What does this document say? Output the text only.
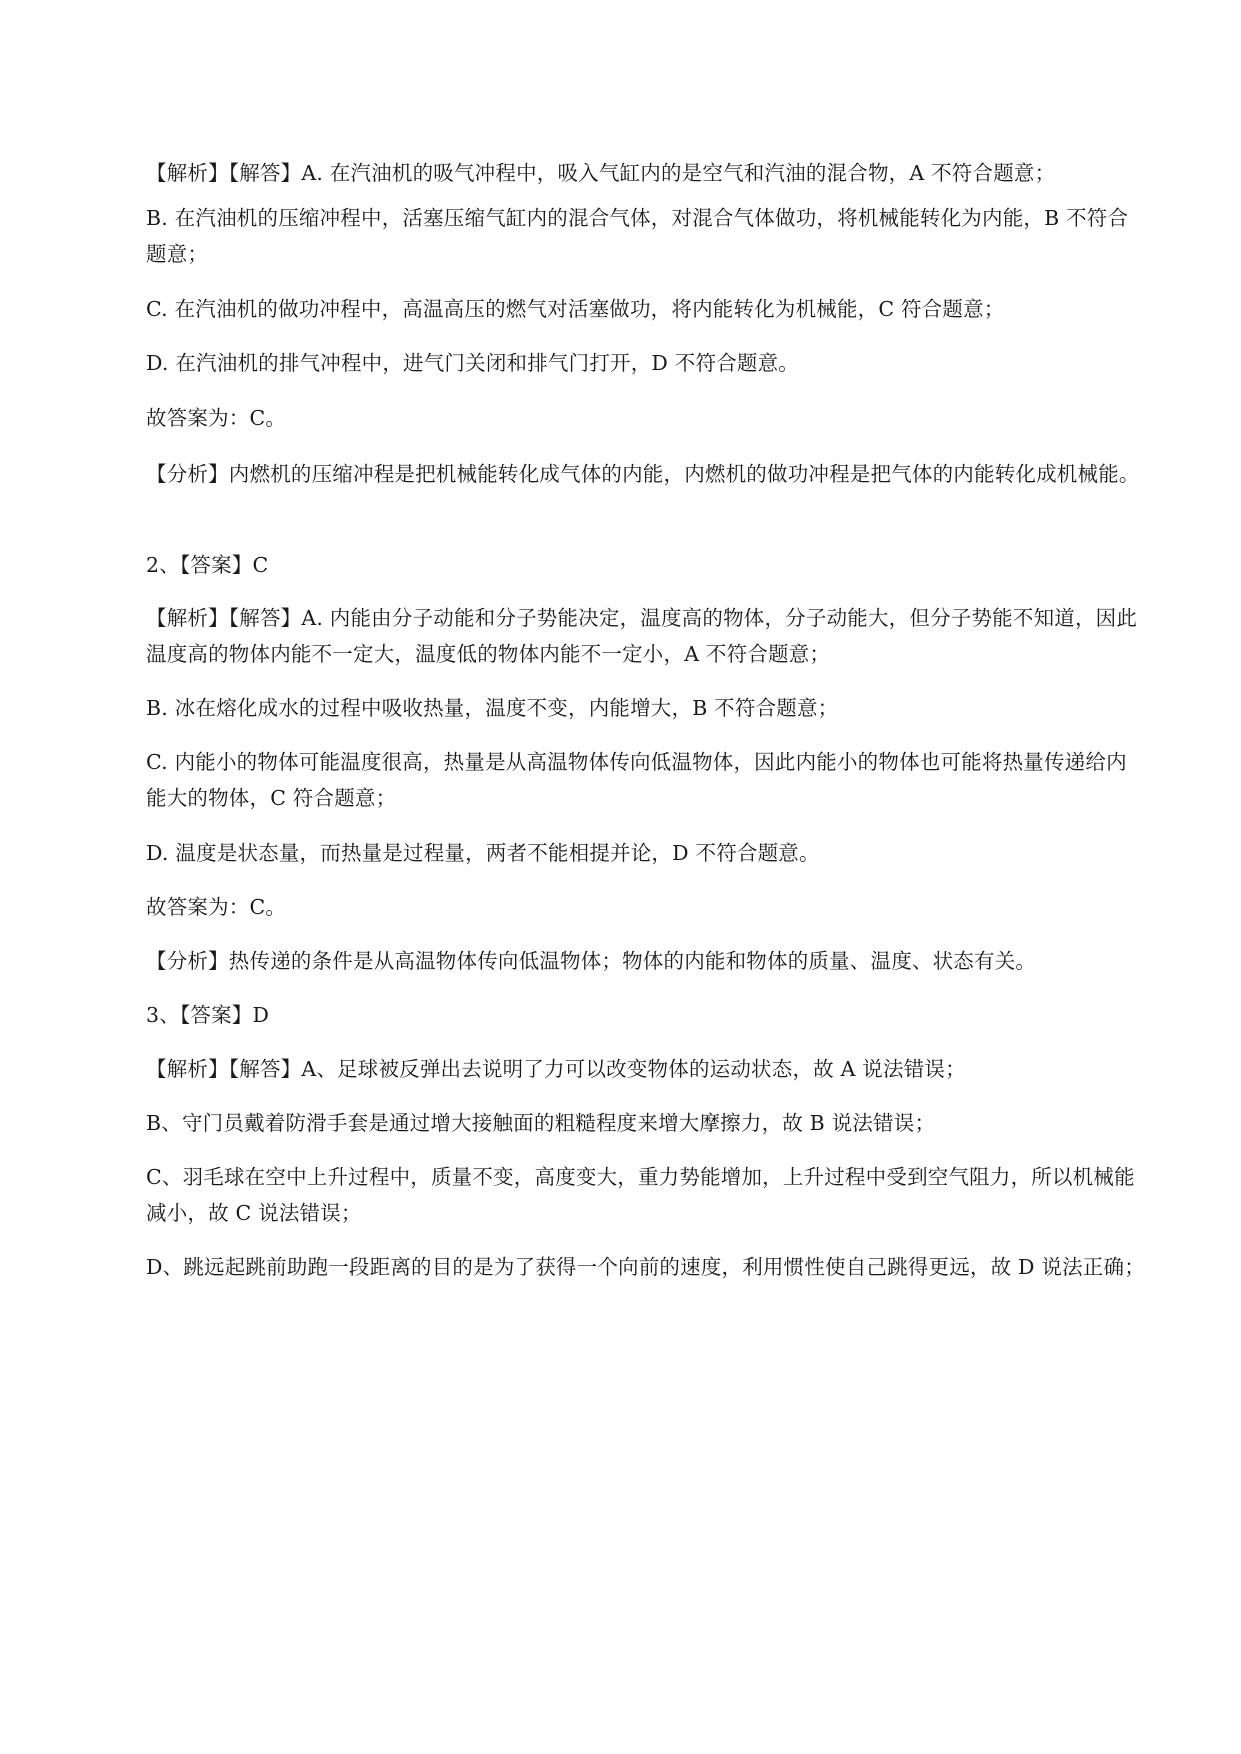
【解析】【解答】A. 在汽油机的吸气冲程中，吸入气缸内的是空气和汽油的混合物，A 不符合题意；

B. 在汽油机的压缩冲程中，活塞压缩气缸内的混合气体，对混合气体做功，将机械能转化为内能，B 不符合题意；

C. 在汽油机的做功冲程中，高温高压的燃气对活塞做功，将内能转化为机械能，C 符合题意；

D. 在汽油机的排气冲程中，进气门关闭和排气门打开，D 不符合题意。

故答案为：C。

【分析】内燃机的压缩冲程是把机械能转化成气体的内能，内燃机的做功冲程是把气体的内能转化成机械能。

2、【答案】C

【解析】【解答】A. 内能由分子动能和分子势能决定，温度高的物体，分子动能大，但分子势能不知道，因此温度高的物体内能不一定大，温度低的物体内能不一定小，A 不符合题意；

B. 冰在熔化成水的过程中吸收热量，温度不变，内能增大，B 不符合题意；

C. 内能小的物体可能温度很高，热量是从高温物体传向低温物体，因此内能小的物体也可能将热量传递给内能大的物体，C 符合题意；

D. 温度是状态量，而热量是过程量，两者不能相提并论，D 不符合题意。

故答案为：C。

【分析】热传递的条件是从高温物体传向低温物体；物体的内能和物体的质量、温度、状态有关。

3、【答案】D

【解析】【解答】A、足球被反弹出去说明了力可以改变物体的运动状态，故 A 说法错误；

B、守门员戴着防滑手套是通过增大接触面的粗糙程度来增大摩擦力，故 B 说法错误；

C、羽毛球在空中上升过程中，质量不变，高度变大，重力势能增加，上升过程中受到空气阻力，所以机械能减小，故 C 说法错误；

D、跳远起跳前助跑一段距离的目的是为了获得一个向前的速度，利用惯性使自己跳得更远，故 D 说法正确；
